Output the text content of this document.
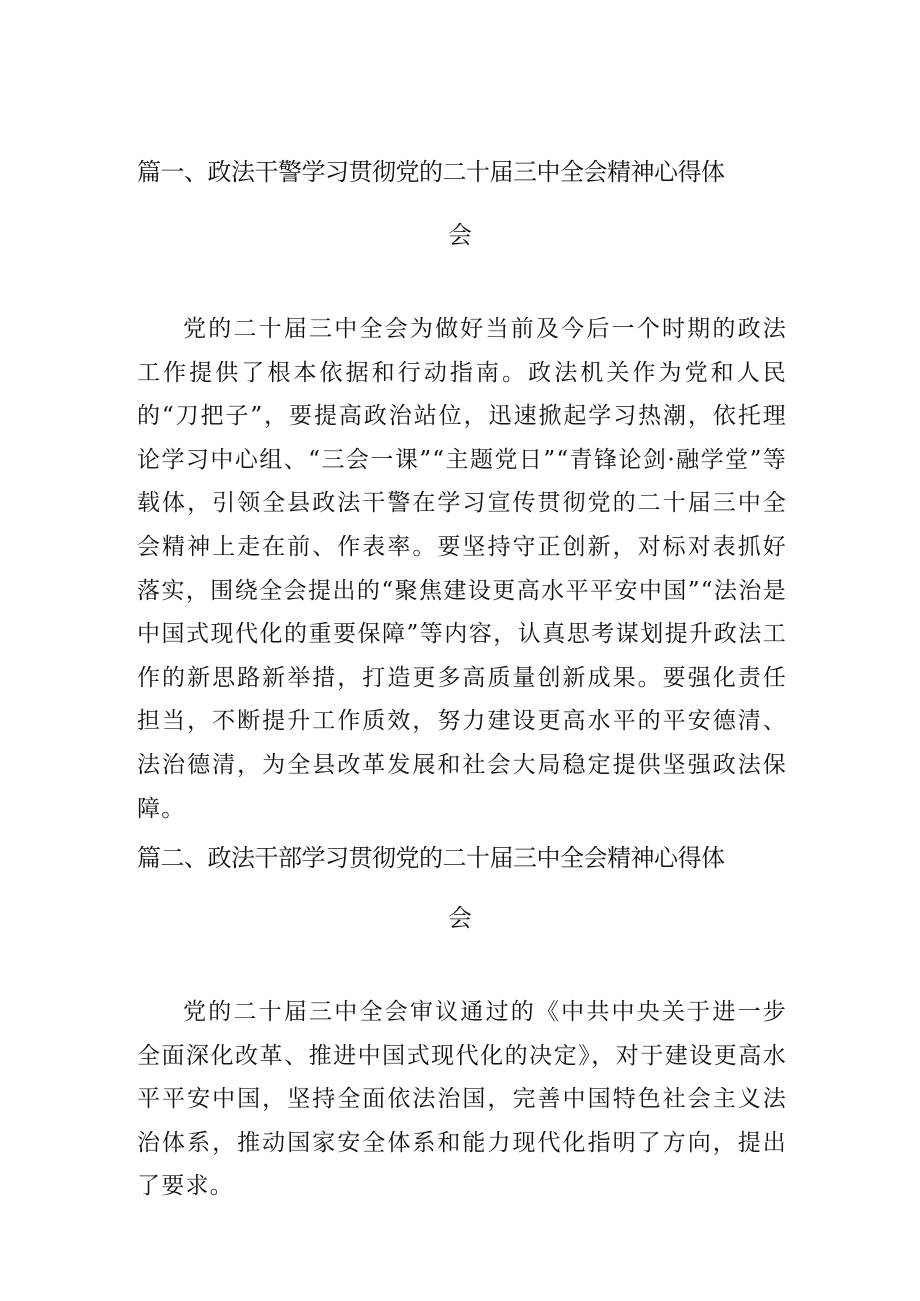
篇一、政法干警学习贯彻党的二十届三中全会精神心得体
会

党的二十届三中全会为做好当前及今后一个时期的政法工作提供了根本依据和行动指南。政法机关作为党和人民的“刀把子”，要提高政治站位，迅速掀起学习热潮，依托理论学习中心组、“三会一课”“主题党日”“青锋论剑·融学堂”等载体，引领全县政法干警在学习宣传贯彻党的二十届三中全会精神上走在前、作表率。要坚持守正创新，对标对表抓好落实，围绕全会提出的“聚焦建设更高水平平安中国”“法治是中国式现代化的重要保障”等内容，认真思考谋划提升政法工作的新思路新举措，打造更多高质量创新成果。要强化责任担当，不断提升工作质效，努力建设更高水平的平安德清、法治德清，为全县改革发展和社会大局稳定提供坚强政法保障。

篇二、政法干部学习贯彻党的二十届三中全会精神心得体
会

党的二十届三中全会审议通过的《中共中央关于进一步全面深化改革、推进中国式现代化的决定》，对于建设更高水平平安中国，坚持全面依法治国，完善中国特色社会主义法治体系，推动国家安全体系和能力现代化指明了方向，提出了要求。
